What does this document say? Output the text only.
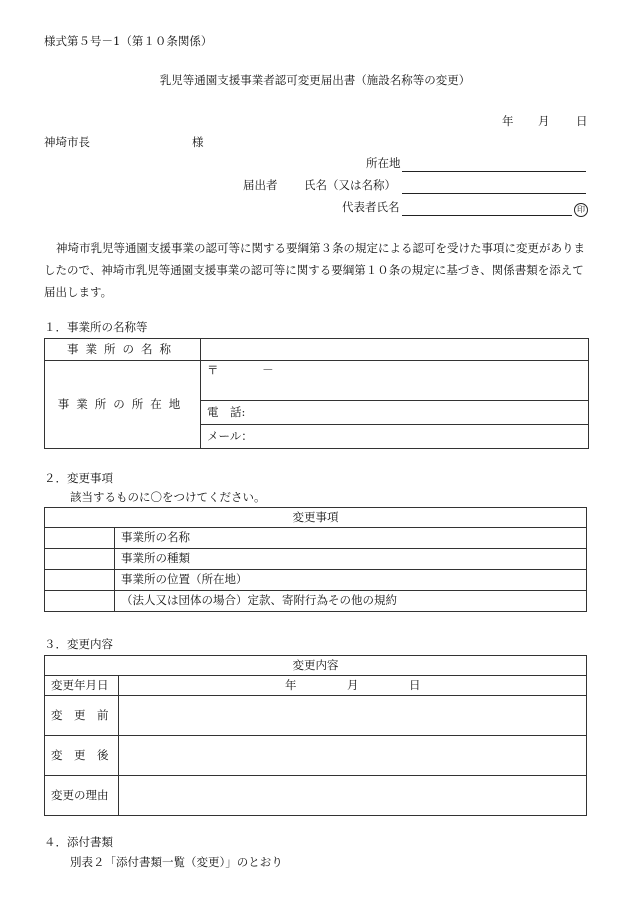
様式第５号－1（第１０条関係）
乳児等通園支援事業者認可変更届出書（施設名称等の変更）
年 月 日
神埼市長	様
所在地
届出者 氏名（又は名称）
代表者氏名	印
神埼市乳児等通園支援事業の認可等に関する要綱第３条の規定による認可を受けた事項に変更がありましたので、神埼市乳児等通園支援事業の認可等に関する要綱第１０条の規定に基づき、関係書類を添えて届出します。
１．事業所の名称等
事業所の名称	
事業所の所在地	〒 －
	電　話:
	メール：
２．変更事項
該当するものに〇をつけてください。
変更事項	
	事業所の名称
	事業所の種類
	事業所の位置（所在地）
	（法人又は団体の場合）定款、寄附行為その他の規約
３．変更内容
変更内容	
変更年月日	年 月 日

変　更　前	
変　更　後	
変更の理由	
４．添付書類
別表２「添付書類一覧（変更）」のとおり
